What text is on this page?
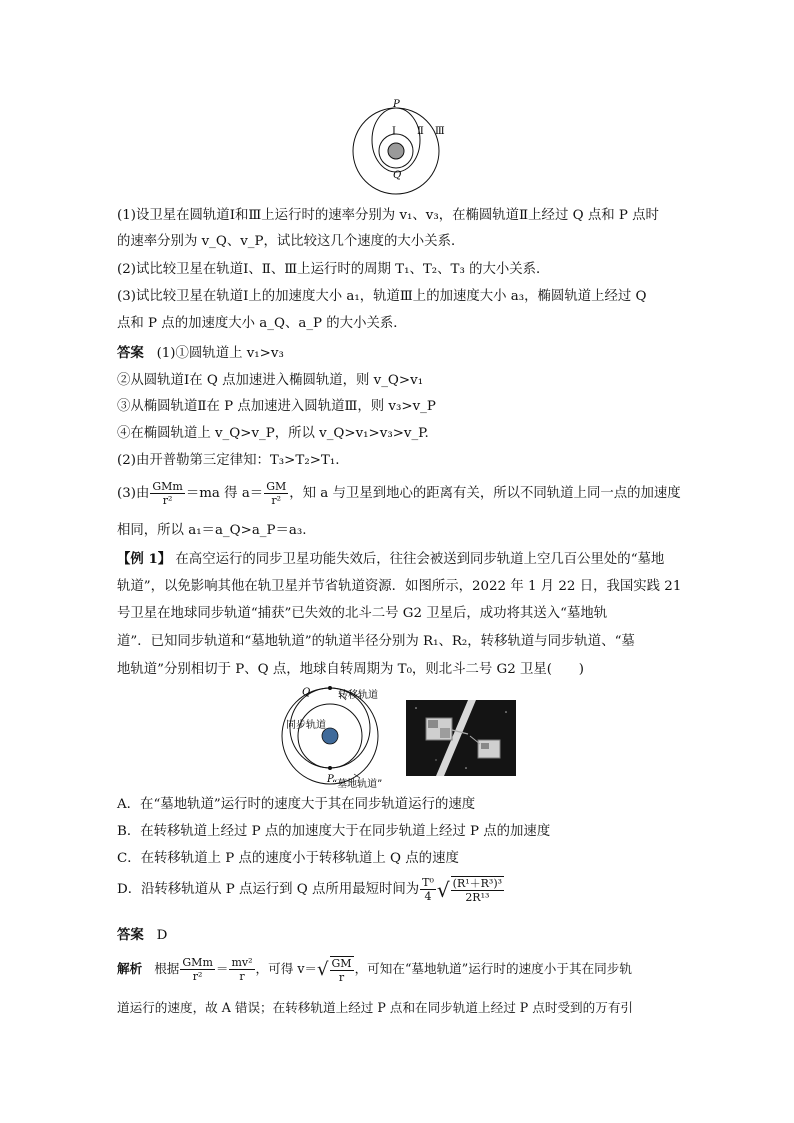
P
Q
Ⅰ Ⅱ Ⅲ
(1)设卫星在圆轨道Ⅰ和Ⅲ上运行时的速率分别为 v₁、v₃，在椭圆轨道Ⅱ上经过 Q 点和 P 点时
的速率分别为 v_Q、v_P，试比较这几个速度的大小关系．
(2)试比较卫星在轨道Ⅰ、Ⅱ、Ⅲ上运行时的周期 T₁、T₂、T₃ 的大小关系．
(3)试比较卫星在轨道Ⅰ上的加速度大小 a₁，轨道Ⅲ上的加速度大小 a₃，椭圆轨道上经过 Q
点和 P 点的加速度大小 a_Q、a_P 的大小关系．
答案 (1)①圆轨道上 v₁>v₃
②从圆轨道Ⅰ在 Q 点加速进入椭圆轨道，则 v_Q>v₁
③从椭圆轨道Ⅱ在 P 点加速进入圆轨道Ⅲ，则 v₃>v_P
④在椭圆轨道上 v_Q>v_P，所以 v_Q>v₁>v₃>v_P.
(2)由开普勒第三定律知：T₃>T₂>T₁.
(3)由 $\frac{\text{GMm}}{\text{r²}} =ma$ 得 $a= \frac{GM}{\text{r²}}$ ，知 a 与卫星到地心的距离有关，所以不同轨道上同一点的加速度
相同，所以 a₁＝a_Q>a_P＝a₃.
【例 1】 在高空运行的同步卫星功能失效后，往往会被送到同步轨道上空几百公里处的“墓地
轨道”，以免影响其他在轨卫星并节省轨道资源．如图所示，2022 年 1 月 22 日，我国实践 21
号卫星在地球同步轨道“捕获”已失效的北斗二号 G2 卫星后，成功将其送入“墓地轨
道”．已知同步轨道和“墓地轨道”的轨道半径分别为 R₁、R₂，转移轨道与同步轨道、“墓
地轨道”分别相切于 P、Q 点，地球自转周期为 T₀，则北斗二号 G2 卫星(　　)
Q	转移轨道
同步轨道
P
“墓地轨道”
A．在“墓地轨道”运行时的速度大于其在同步轨道运行的速度
B．在转移轨道上经过 P 点的加速度大于在同步轨道上经过 P 点的加速度
C．在转移轨道上 P 点的速度小于转移轨道上 Q 点的速度
D．沿转移轨道从 P 点运行到 Q 点所用最短时间为 $\frac{\text{T⁰}}{4}$ √ $\frac{\text{(R¹＋R³)³}}{\text{2R¹³}}$
答案 D
解析 根据 $\frac{\text{GMm}}{\text{r²}} = \frac{\text{mv²}}{r}$ ，可得 $v=√ \frac{GM}{r}$ ，可知在“墓地轨道”运行时的速度小于其在同步轨
道运行的速度，故 A 错误；在转移轨道上经过 P 点和在同步轨道上经过 P 点时受到的万有引
